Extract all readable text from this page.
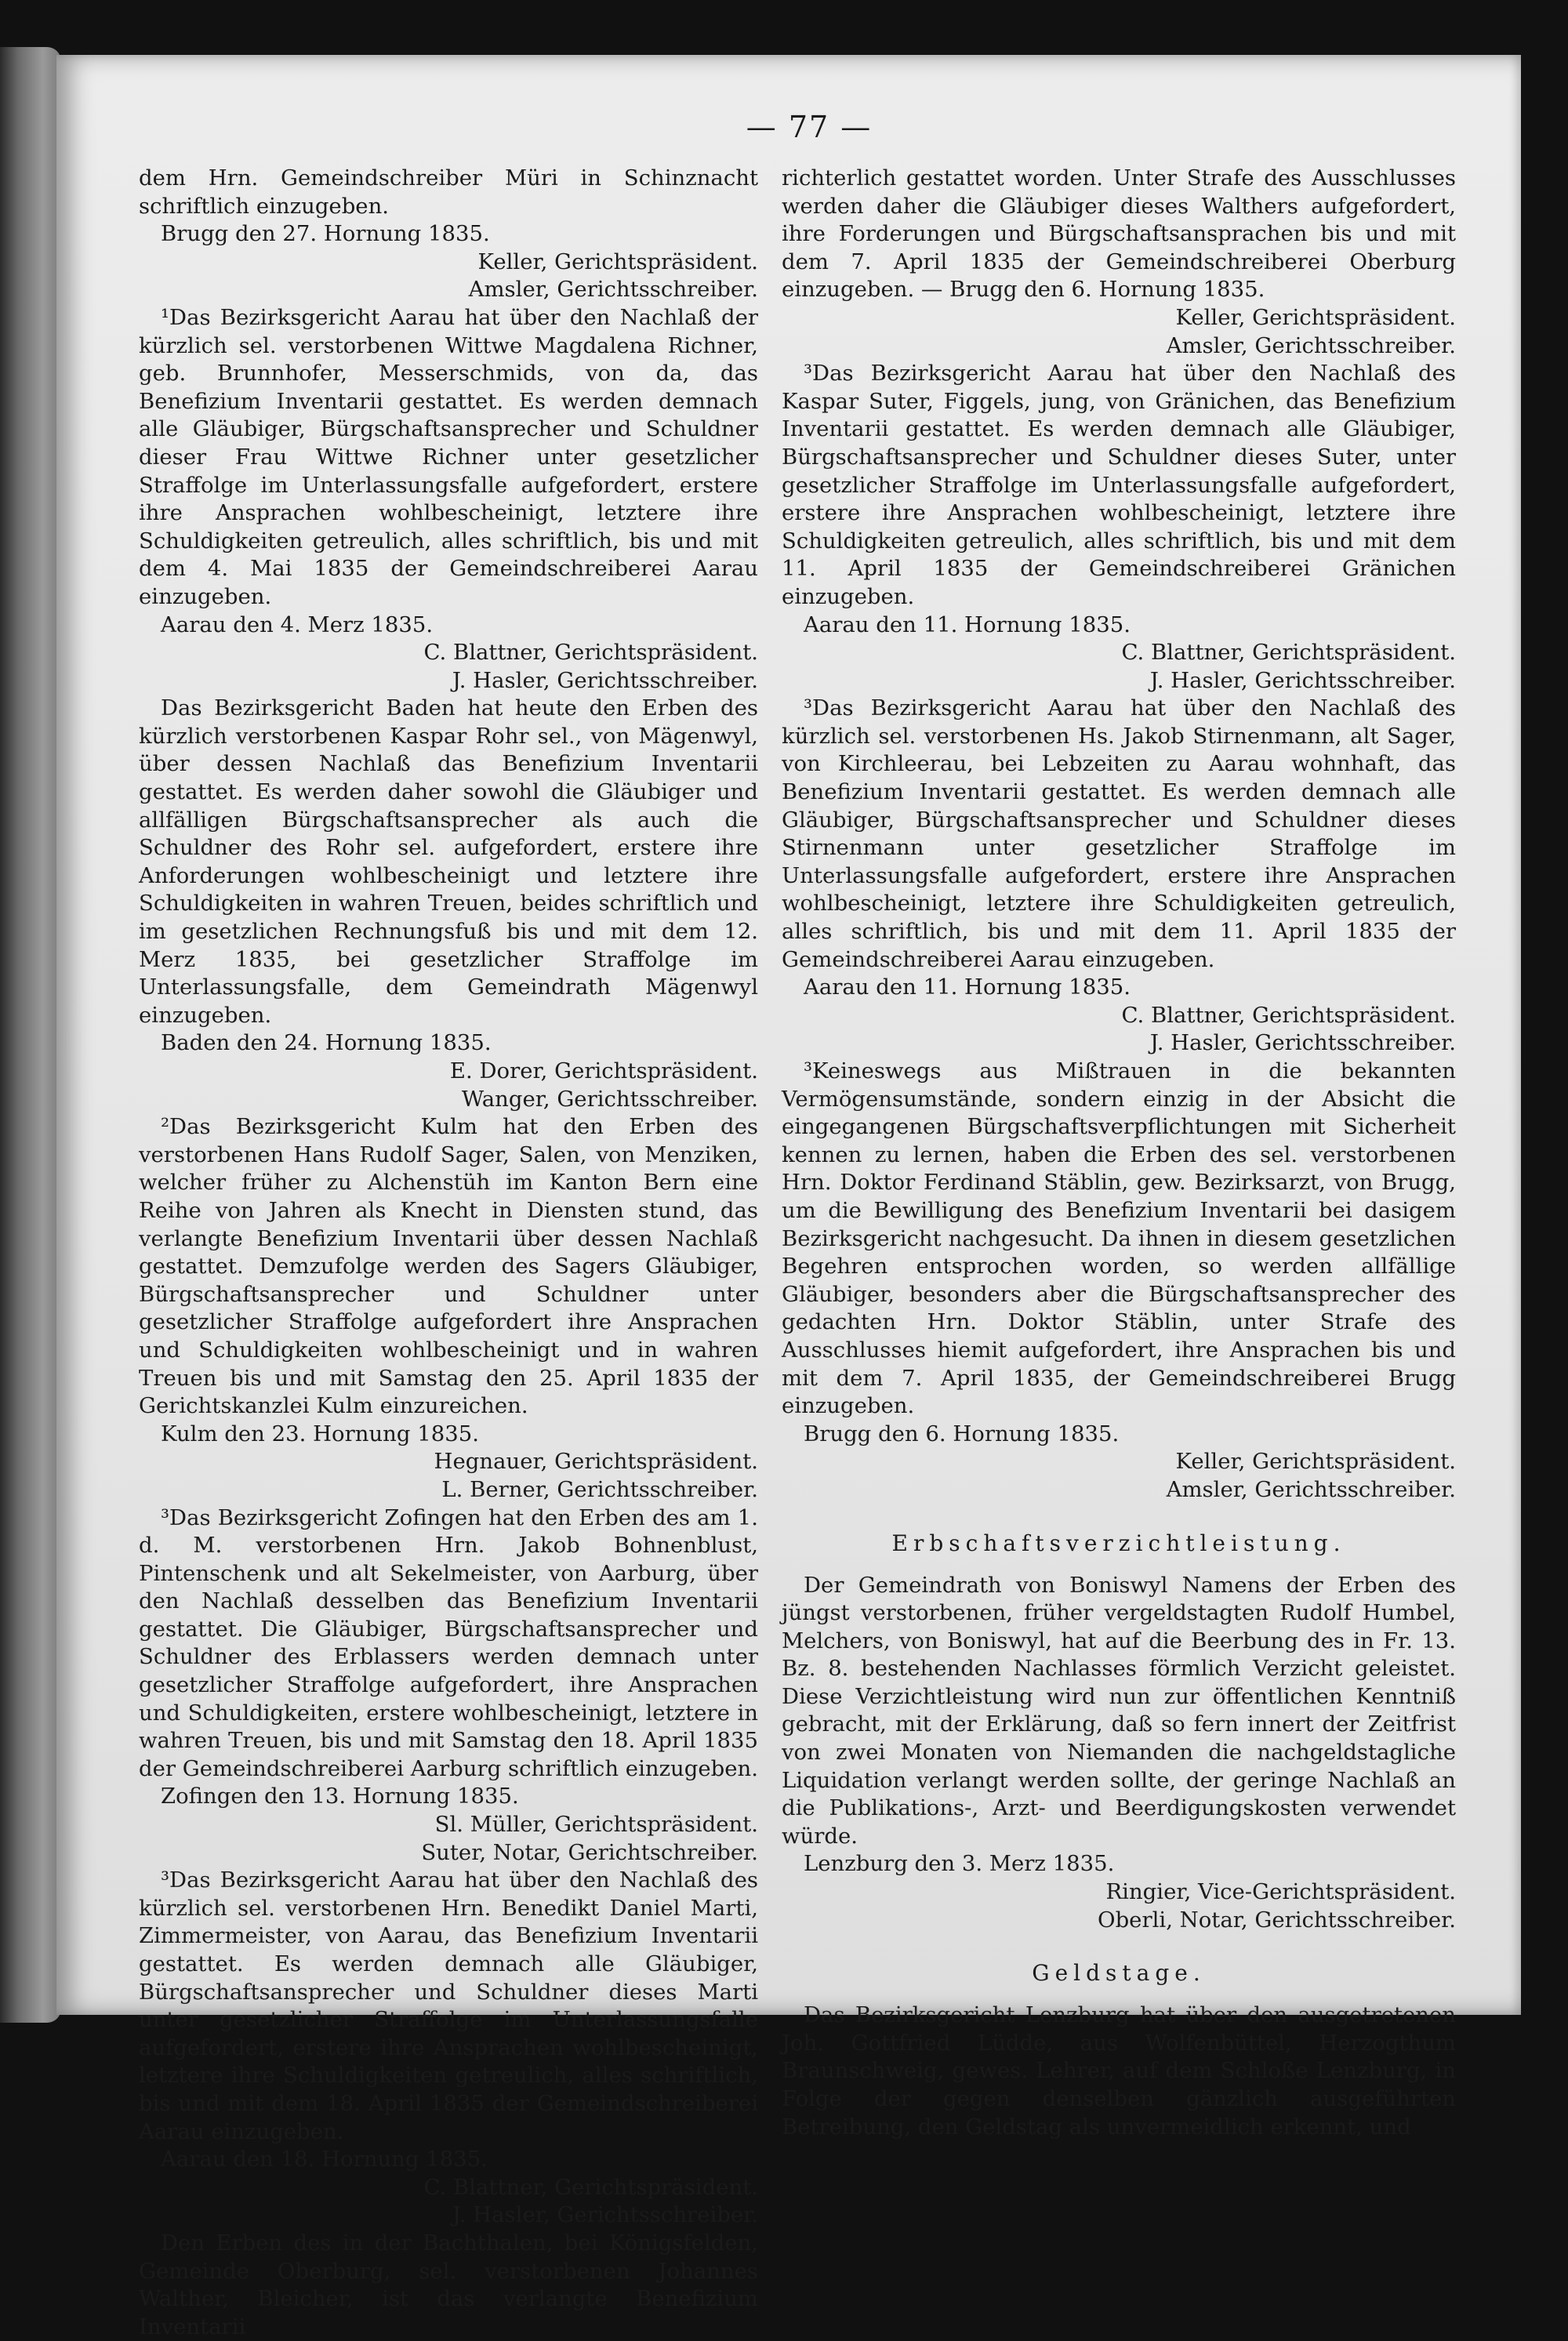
— 77 —

dem Hrn. Gemeindschreiber Müri in Schinznacht schriftlich einzugeben.

Brugg den 27. Hornung 1835.

Keller, Gerichtspräsident.

Amsler, Gerichtsschreiber.

¹Das Bezirksgericht Aarau hat über den Nachlaß der kürzlich sel. verstorbenen Wittwe Magdalena Richner, geb. Brunnhofer, Messerschmids, von da, das Benefizium Inventarii gestattet. Es werden demnach alle Gläubiger, Bürgschaftsansprecher und Schuldner dieser Frau Wittwe Richner unter gesetzlicher Straffolge im Unterlassungsfalle aufgefordert, erstere ihre Ansprachen wohlbescheinigt, letztere ihre Schuldigkeiten getreulich, alles schriftlich, bis und mit dem 4. Mai 1835 der Gemeindschreiberei Aarau einzugeben.

Aarau den 4. Merz 1835.

C. Blattner, Gerichtspräsident.

J. Hasler, Gerichtsschreiber.

Das Bezirksgericht Baden hat heute den Erben des kürzlich verstorbenen Kaspar Rohr sel., von Mägenwyl, über dessen Nachlaß das Benefizium Inventarii gestattet. Es werden daher sowohl die Gläubiger und allfälligen Bürgschaftsansprecher als auch die Schuldner des Rohr sel. aufgefordert, erstere ihre Anforderungen wohlbescheinigt und letztere ihre Schuldigkeiten in wahren Treuen, beides schriftlich und im gesetzlichen Rechnungsfuß bis und mit dem 12. Merz 1835, bei gesetzlicher Straffolge im Unterlassungsfalle, dem Gemeindrath Mägenwyl einzugeben.

Baden den 24. Hornung 1835.

E. Dorer, Gerichtspräsident.

Wanger, Gerichtsschreiber.

²Das Bezirksgericht Kulm hat den Erben des verstorbenen Hans Rudolf Sager, Salen, von Menziken, welcher früher zu Alchenstüh im Kanton Bern eine Reihe von Jahren als Knecht in Diensten stund, das verlangte Benefizium Inventarii über dessen Nachlaß gestattet. Demzufolge werden des Sagers Gläubiger, Bürgschaftsansprecher und Schuldner unter gesetzlicher Straffolge aufgefordert ihre Ansprachen und Schuldigkeiten wohlbescheinigt und in wahren Treuen bis und mit Samstag den 25. April 1835 der Gerichtskanzlei Kulm einzureichen.

Kulm den 23. Hornung 1835.

Hegnauer, Gerichtspräsident.

L. Berner, Gerichtsschreiber.

³Das Bezirksgericht Zofingen hat den Erben des am 1. d. M. verstorbenen Hrn. Jakob Bohnenblust, Pintenschenk und alt Sekelmeister, von Aarburg, über den Nachlaß desselben das Benefizium Inventarii gestattet. Die Gläubiger, Bürgschaftsansprecher und Schuldner des Erblassers werden demnach unter gesetzlicher Straffolge aufgefordert, ihre Ansprachen und Schuldigkeiten, erstere wohlbescheinigt, letztere in wahren Treuen, bis und mit Samstag den 18. April 1835 der Gemeindschreiberei Aarburg schriftlich einzugeben.

Zofingen den 13. Hornung 1835.

Sl. Müller, Gerichtspräsident.

Suter, Notar, Gerichtschreiber.

³Das Bezirksgericht Aarau hat über den Nachlaß des kürzlich sel. verstorbenen Hrn. Benedikt Daniel Marti, Zimmermeister, von Aarau, das Benefizium Inventarii gestattet. Es werden demnach alle Gläubiger, Bürgschaftsansprecher und Schuldner dieses Marti unter gesetzlicher Straffolge im Unterlassungsfalle aufgefordert, erstere ihre Ansprachen wohlbescheinigt, letztere ihre Schuldigkeiten getreulich, alles schriftlich, bis und mit dem 18. April 1835 der Gemeindschreiberei Aarau einzugeben.

Aarau den 18. Hornung 1835.

C. Blattner, Gerichtspräsident.

J. Hasler, Gerichtsschreiber.

Den Erben des in der Bachthalen, bei Königsfelden, Gemeinde Oberburg, sel. verstorbenen Johannes Walther, Bleicher, ist das verlangte Benefizium Inventarii

richterlich gestattet worden. Unter Strafe des Ausschlusses werden daher die Gläubiger dieses Walthers aufgefordert, ihre Forderungen und Bürgschaftsansprachen bis und mit dem 7. April 1835 der Gemeindschreiberei Oberburg einzugeben. — Brugg den 6. Hornung 1835.

Keller, Gerichtspräsident.

Amsler, Gerichtsschreiber.

³Das Bezirksgericht Aarau hat über den Nachlaß des Kaspar Suter, Figgels, jung, von Gränichen, das Benefizium Inventarii gestattet. Es werden demnach alle Gläubiger, Bürgschaftsansprecher und Schuldner dieses Suter, unter gesetzlicher Straffolge im Unterlassungsfalle aufgefordert, erstere ihre Ansprachen wohlbescheinigt, letztere ihre Schuldigkeiten getreulich, alles schriftlich, bis und mit dem 11. April 1835 der Gemeindschreiberei Gränichen einzugeben.

Aarau den 11. Hornung 1835.

C. Blattner, Gerichtspräsident.

J. Hasler, Gerichtsschreiber.

³Das Bezirksgericht Aarau hat über den Nachlaß des kürzlich sel. verstorbenen Hs. Jakob Stirnenmann, alt Sager, von Kirchleerau, bei Lebzeiten zu Aarau wohnhaft, das Benefizium Inventarii gestattet. Es werden demnach alle Gläubiger, Bürgschaftsansprecher und Schuldner dieses Stirnenmann unter gesetzlicher Straffolge im Unterlassungsfalle aufgefordert, erstere ihre Ansprachen wohlbescheinigt, letztere ihre Schuldigkeiten getreulich, alles schriftlich, bis und mit dem 11. April 1835 der Gemeindschreiberei Aarau einzugeben.

Aarau den 11. Hornung 1835.

C. Blattner, Gerichtspräsident.

J. Hasler, Gerichtsschreiber.

³Keineswegs aus Mißtrauen in die bekannten Vermögensumstände, sondern einzig in der Absicht die eingegangenen Bürgschaftsverpflichtungen mit Sicherheit kennen zu lernen, haben die Erben des sel. verstorbenen Hrn. Doktor Ferdinand Stäblin, gew. Bezirksarzt, von Brugg, um die Bewilligung des Benefizium Inventarii bei dasigem Bezirksgericht nachgesucht. Da ihnen in diesem gesetzlichen Begehren entsprochen worden, so werden allfällige Gläubiger, besonders aber die Bürgschaftsansprecher des gedachten Hrn. Doktor Stäblin, unter Strafe des Ausschlusses hiemit aufgefordert, ihre Ansprachen bis und mit dem 7. April 1835, der Gemeindschreiberei Brugg einzugeben.

Brugg den 6. Hornung 1835.

Keller, Gerichtspräsident.

Amsler, Gerichtsschreiber.

Erbschaftsverzichtleistung.

Der Gemeindrath von Boniswyl Namens der Erben des jüngst verstorbenen, früher vergeldstagten Rudolf Humbel, Melchers, von Boniswyl, hat auf die Beerbung des in Fr. 13. Bz. 8. bestehenden Nachlasses förmlich Verzicht geleistet. Diese Verzichtleistung wird nun zur öffentlichen Kenntniß gebracht, mit der Erklärung, daß so fern innert der Zeitfrist von zwei Monaten von Niemanden die nachgeldstagliche Liquidation verlangt werden sollte, der geringe Nachlaß an die Publikations-, Arzt- und Beerdigungskosten verwendet würde.

Lenzburg den 3. Merz 1835.

Ringier, Vice-Gerichtspräsident.

Oberli, Notar, Gerichtsschreiber.

Geldstage.

Das Bezirksgericht Lenzburg hat über den ausgetretenen Joh. Gottfried Lüdde, aus Wolfenbüttel, Herzogthum Braunschweig, gewes. Lehrer, auf dem Schloße Lenzburg, in Folge der gegen denselben gänzlich ausgeführten Betreibung, den Geldstag als unvermeidlich erkennt, und
